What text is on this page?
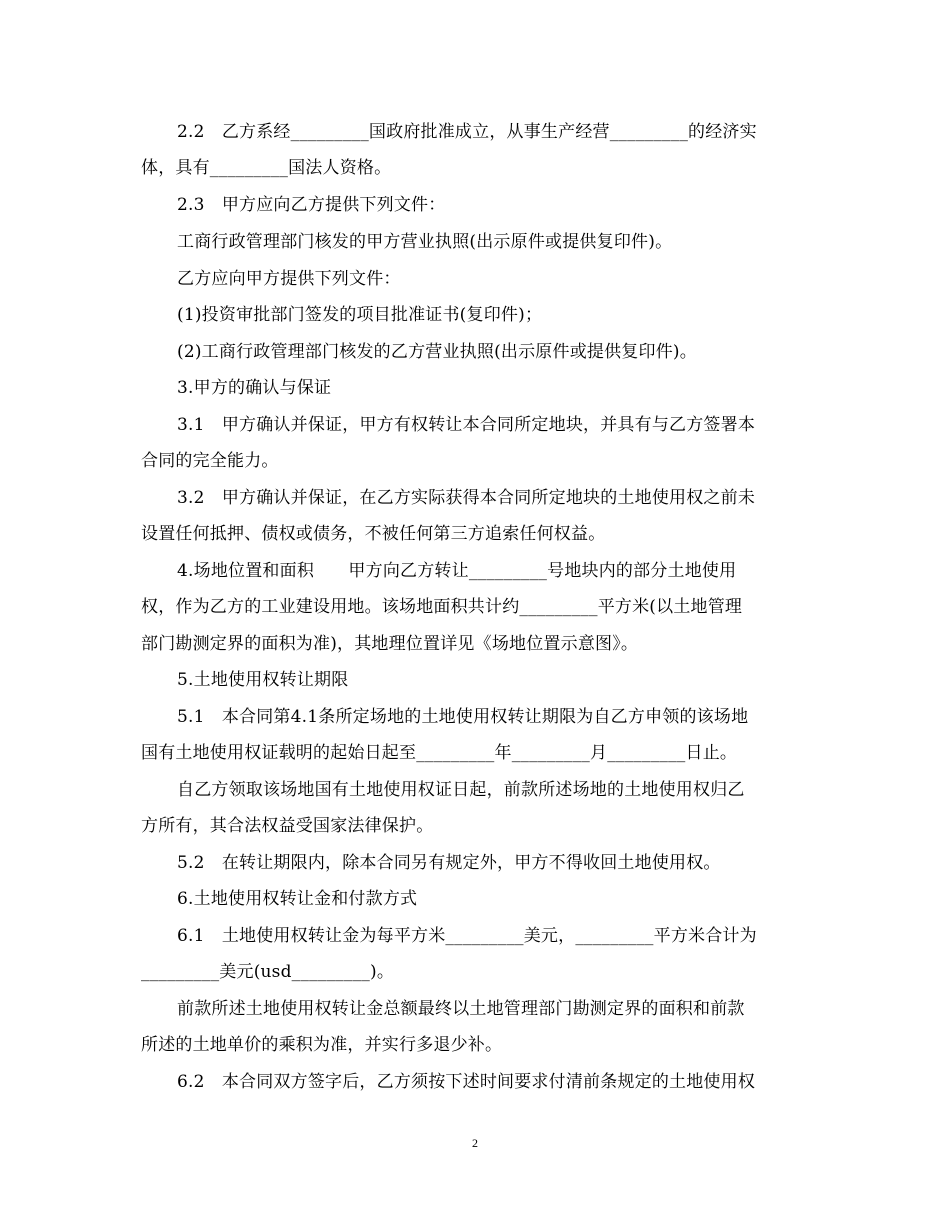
2.2　乙方系经_________国政府批准成立，从事生产经营_________的经济实
体，具有_________国法人资格。
2.3　甲方应向乙方提供下列文件：
工商行政管理部门核发的甲方营业执照(出示原件或提供复印件)。
乙方应向甲方提供下列文件：
(1)投资审批部门签发的项目批准证书(复印件)；
(2)工商行政管理部门核发的乙方营业执照(出示原件或提供复印件)。
3.甲方的确认与保证
3.1　甲方确认并保证，甲方有权转让本合同所定地块，并具有与乙方签署本
合同的完全能力。
3.2　甲方确认并保证，在乙方实际获得本合同所定地块的土地使用权之前未
设置任何抵押、债权或债务，不被任何第三方追索任何权益。
4.场地位置和面积　　甲方向乙方转让_________号地块内的部分土地使用
权，作为乙方的工业建设用地。该场地面积共计约_________平方米(以土地管理
部门勘测定界的面积为准)，其地理位置详见《场地位置示意图》。
5.土地使用权转让期限
5.1　本合同第4.1条所定场地的土地使用权转让期限为自乙方申领的该场地
国有土地使用权证载明的起始日起至_________年_________月_________日止。
自乙方领取该场地国有土地使用权证日起，前款所述场地的土地使用权归乙
方所有，其合法权益受国家法律保护。
5.2　在转让期限内，除本合同另有规定外，甲方不得收回土地使用权。
6.土地使用权转让金和付款方式
6.1　土地使用权转让金为每平方米_________美元，_________平方米合计为
_________美元(usd_________)。
前款所述土地使用权转让金总额最终以土地管理部门勘测定界的面积和前款
所述的土地单价的乘积为准，并实行多退少补。
6.2　本合同双方签字后，乙方须按下述时间要求付清前条规定的土地使用权
2
